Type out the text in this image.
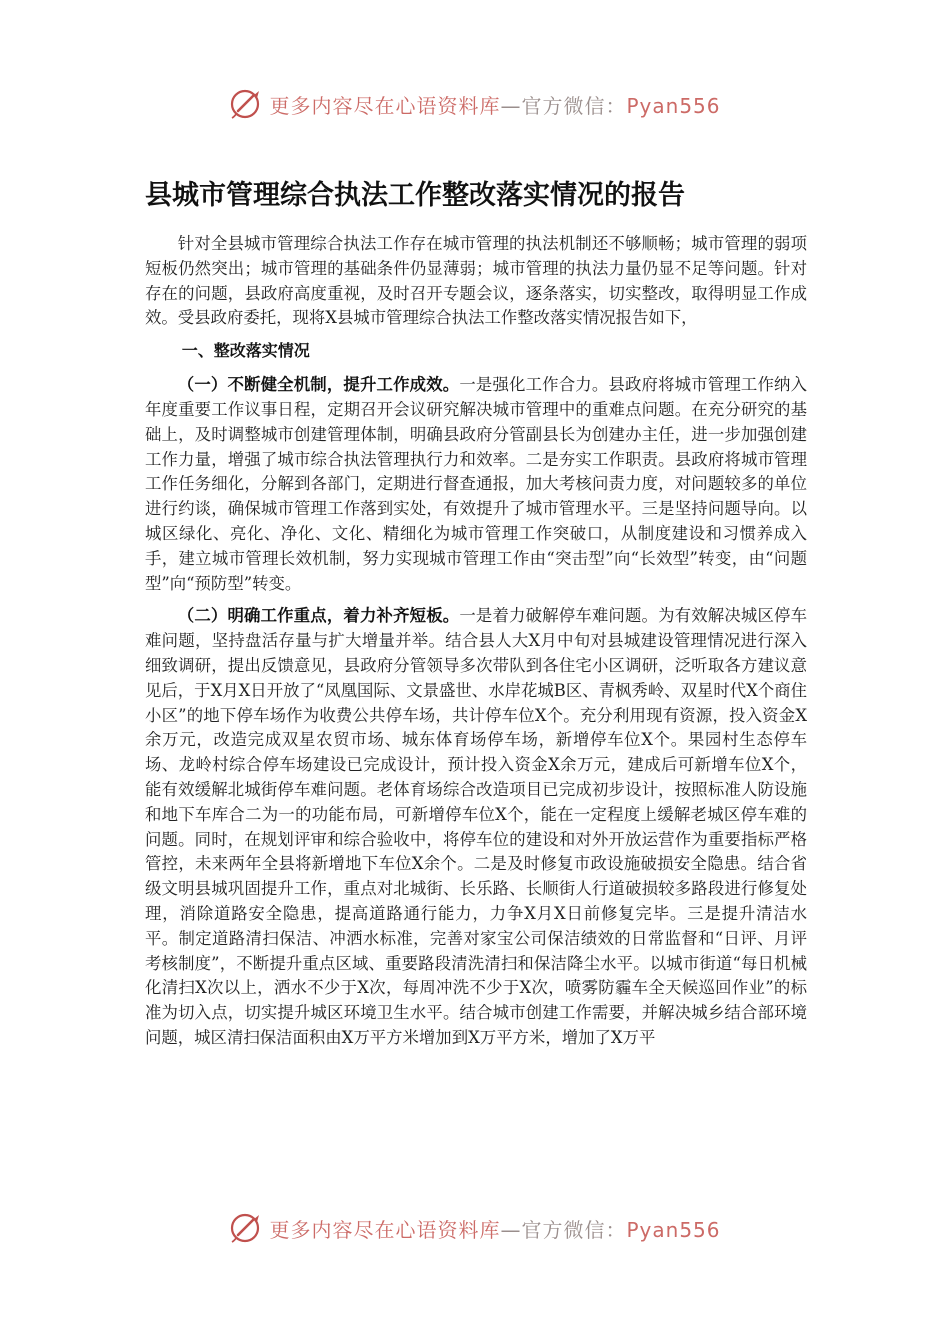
更多内容尽在心语资料库—官方微信：Pyan556
县城市管理综合执法工作整改落实情况的报告

针对全县城市管理综合执法工作存在城市管理的执法机制还不够顺畅；城市管理的弱项短板仍然突出；城市管理的基础条件仍显薄弱；城市管理的执法力量仍显不足等问题。针对存在的问题，县政府高度重视，及时召开专题会议，逐条落实，切实整改，取得明显工作成效。受县政府委托，现将X县城市管理综合执法工作整改落实情况报告如下，

一、整改落实情况

（一）不断健全机制，提升工作成效。一是强化工作合力。县政府将城市管理工作纳入年度重要工作议事日程，定期召开会议研究解决城市管理中的重难点问题。在充分研究的基础上，及时调整城市创建管理体制，明确县政府分管副县长为创建办主任，进一步加强创建工作力量，增强了城市综合执法管理执行力和效率。二是夯实工作职责。县政府将城市管理工作任务细化，分解到各部门，定期进行督查通报，加大考核问责力度，对问题较多的单位进行约谈，确保城市管理工作落到实处，有效提升了城市管理水平。三是坚持问题导向。以城区绿化、亮化、净化、文化、精细化为城市管理工作突破口，从制度建设和习惯养成入手，建立城市管理长效机制，努力实现城市管理工作由“突击型”向“长效型”转变，由“问题型”向“预防型”转变。

（二）明确工作重点，着力补齐短板。一是着力破解停车难问题。为有效解决城区停车难问题，坚持盘活存量与扩大增量并举。结合县人大X月中旬对县城建设管理情况进行深入细致调研，提出反馈意见，县政府分管领导多次带队到各住宅小区调研，泛听取各方建议意见后，于X月X日开放了“凤凰国际、文景盛世、水岸花城B区、青枫秀岭、双星时代X个商住小区”的地下停车场作为收费公共停车场，共计停车位X个。充分利用现有资源，投入资金X余万元，改造完成双星农贸市场、城东体育场停车场，新增停车位X个。果园村生态停车场、龙岭村综合停车场建设已完成设计，预计投入资金X余万元，建成后可新增车位X个，能有效缓解北城街停车难问题。老体育场综合改造项目已完成初步设计，按照标准人防设施和地下车库合二为一的功能布局，可新增停车位X个，能在一定程度上缓解老城区停车难的问题。同时，在规划评审和综合验收中，将停车位的建设和对外开放运营作为重要指标严格管控，未来两年全县将新增地下车位X余个。二是及时修复市政设施破损安全隐患。结合省级文明县城巩固提升工作，重点对北城街、长乐路、长顺街人行道破损较多路段进行修复处理，消除道路安全隐患，提高道路通行能力，力争X月X日前修复完毕。三是提升清洁水平。制定道路清扫保洁、冲洒水标准，完善对家宝公司保洁绩效的日常监督和“日评、月评考核制度”，不断提升重点区域、重要路段清洗清扫和保洁降尘水平。以城市街道“每日机械化清扫X次以上，洒水不少于X次，每周冲洗不少于X次，喷雾防霾车全天候巡回作业”的标准为切入点，切实提升城区环境卫生水平。结合城市创建工作需要，并解决城乡结合部环境问题，城区清扫保洁面积由X万平方米增加到X万平方米，增加了X万平

更多内容尽在心语资料库—官方微信：Pyan556
